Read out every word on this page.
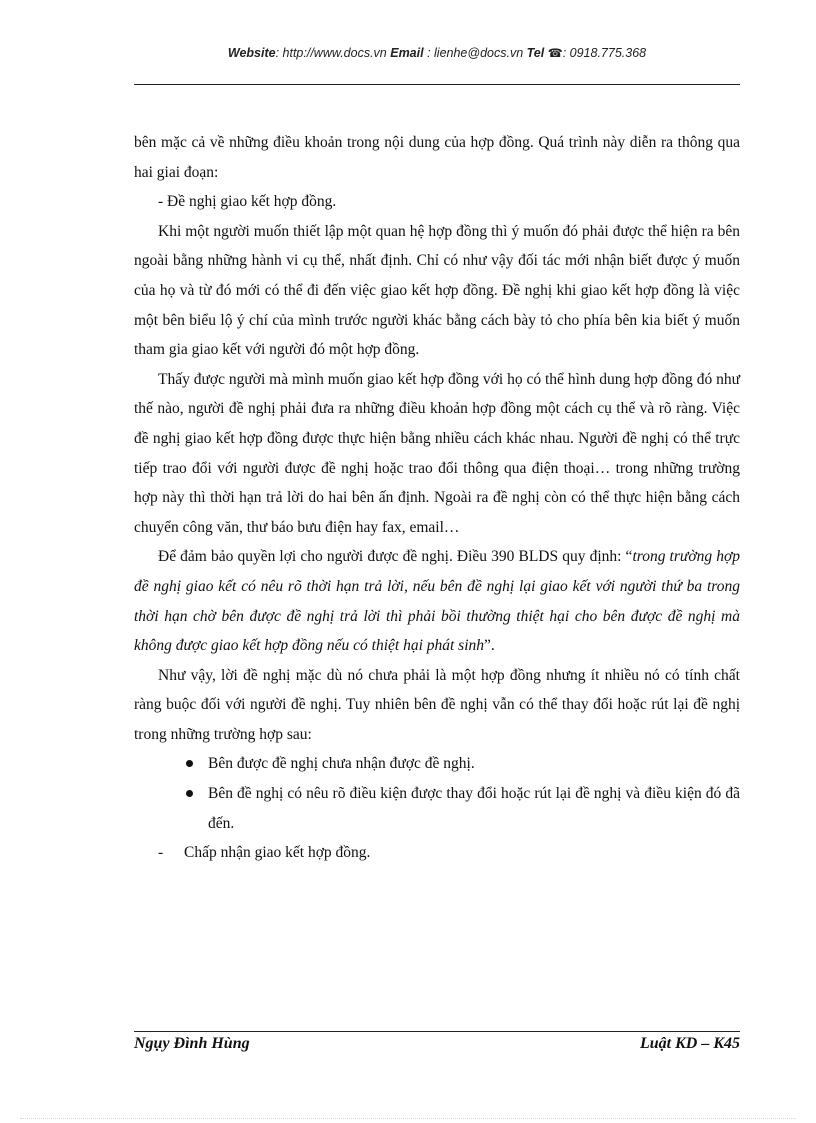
Website: http://www.docs.vn Email : lienhe@docs.vn Tel ☎: 0918.775.368

bên mặc cả về những điều khoản trong nội dung của hợp đồng. Quá trình này diễn ra thông qua hai giai đoạn:

- Đề nghị giao kết hợp đồng.

Khi một người muốn thiết lập một quan hệ hợp đồng thì ý muốn đó phải được thể hiện ra bên ngoài bằng những hành vi cụ thể, nhất định. Chỉ có như vậy đối tác mới nhận biết được ý muốn của họ và từ đó mới có thể đi đến việc giao kết hợp đồng. Đề nghị khi giao kết hợp đồng là việc một bên biểu lộ ý chí của mình trước người khác bằng cách bày tỏ cho phía bên kia biết ý muốn tham gia giao kết với người đó một hợp đồng.

Thấy được người mà mình muốn giao kết hợp đồng với họ có thể hình dung hợp đồng đó như thế nào, người đề nghị phải đưa ra những điều khoản hợp đồng một cách cụ thể và rõ ràng. Việc đề nghị giao kết hợp đồng được thực hiện bằng nhiều cách khác nhau. Người đề nghị có thể trực tiếp trao đổi với người được đề nghị hoặc trao đổi thông qua điện thoại… trong những trường hợp này thì thời hạn trả lời do hai bên ấn định. Ngoài ra đề nghị còn có thể thực hiện bằng cách chuyển công văn, thư báo bưu điện hay fax, email…

Để đảm bảo quyền lợi cho người được đề nghị. Điều 390 BLDS quy định: “trong trường hợp đề nghị giao kết có nêu rõ thời hạn trả lời, nếu bên đề nghị lại giao kết với người thứ ba trong thời hạn chờ bên được đề nghị trả lời thì phải bồi thường thiệt hại cho bên được đề nghị mà không được giao kết hợp đồng nếu có thiệt hại phát sinh”.

Như vậy, lời đề nghị mặc dù nó chưa phải là một hợp đồng nhưng ít nhiều nó có tính chất ràng buộc đối với người đề nghị. Tuy nhiên bên đề nghị vẫn có thể thay đổi hoặc rút lại đề nghị trong những trường hợp sau:

Bên được đề nghị chưa nhận được đề nghị.

Bên đề nghị có nêu rõ điều kiện được thay đổi hoặc rút lại đề nghị và điều kiện đó đã đến.

- Chấp nhận giao kết hợp đồng.

Ngụy Đình Hùng	Luật KD – K45
